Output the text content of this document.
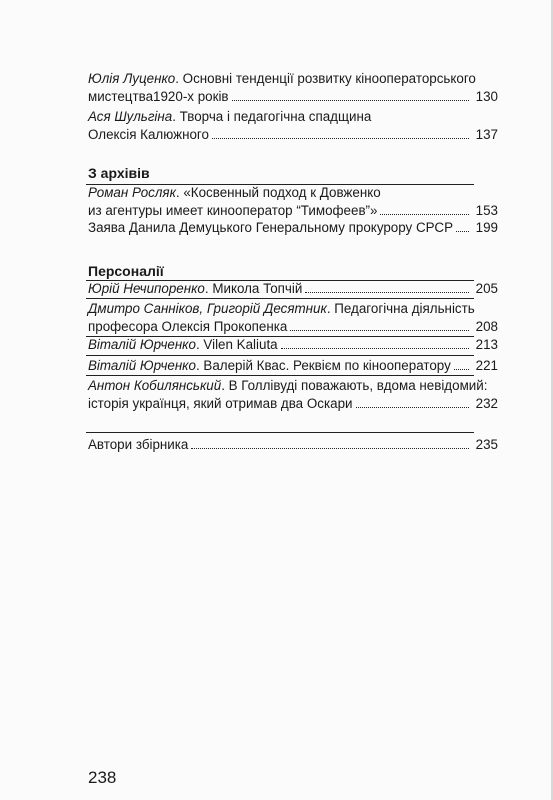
Юлія Луценко . Основні тенденції розвитку кінооператорського
мистецтва1920-х років	130
Ася Шульгіна . Творча і педагогічна спадщина
Олексія Калюжного	137
З архівів
Роман Росляк . «Косвенный подход к Довженко
из агентуры имеет кинооператор “Тимофеев”»	153
Заява Данила Демуцького Генеральному прокурору СРСР 199
Персоналії
Юрій Нечипоренко . Микола Топчій	205
Дмитро Санніков, Григорій Десятник . Педагогічна діяльність
професора Олексія Прокопенка	208
Віталій Юрченко . Vilen Kaliuta	213
Віталій Юрченко . Валерій Квас. Реквієм по кінооператору 221
Антон Кобилянський . В Голлівуді поважають, вдома невідомий:
історія українця, який отримав два Оскари	232
Автори збірника	235
238
